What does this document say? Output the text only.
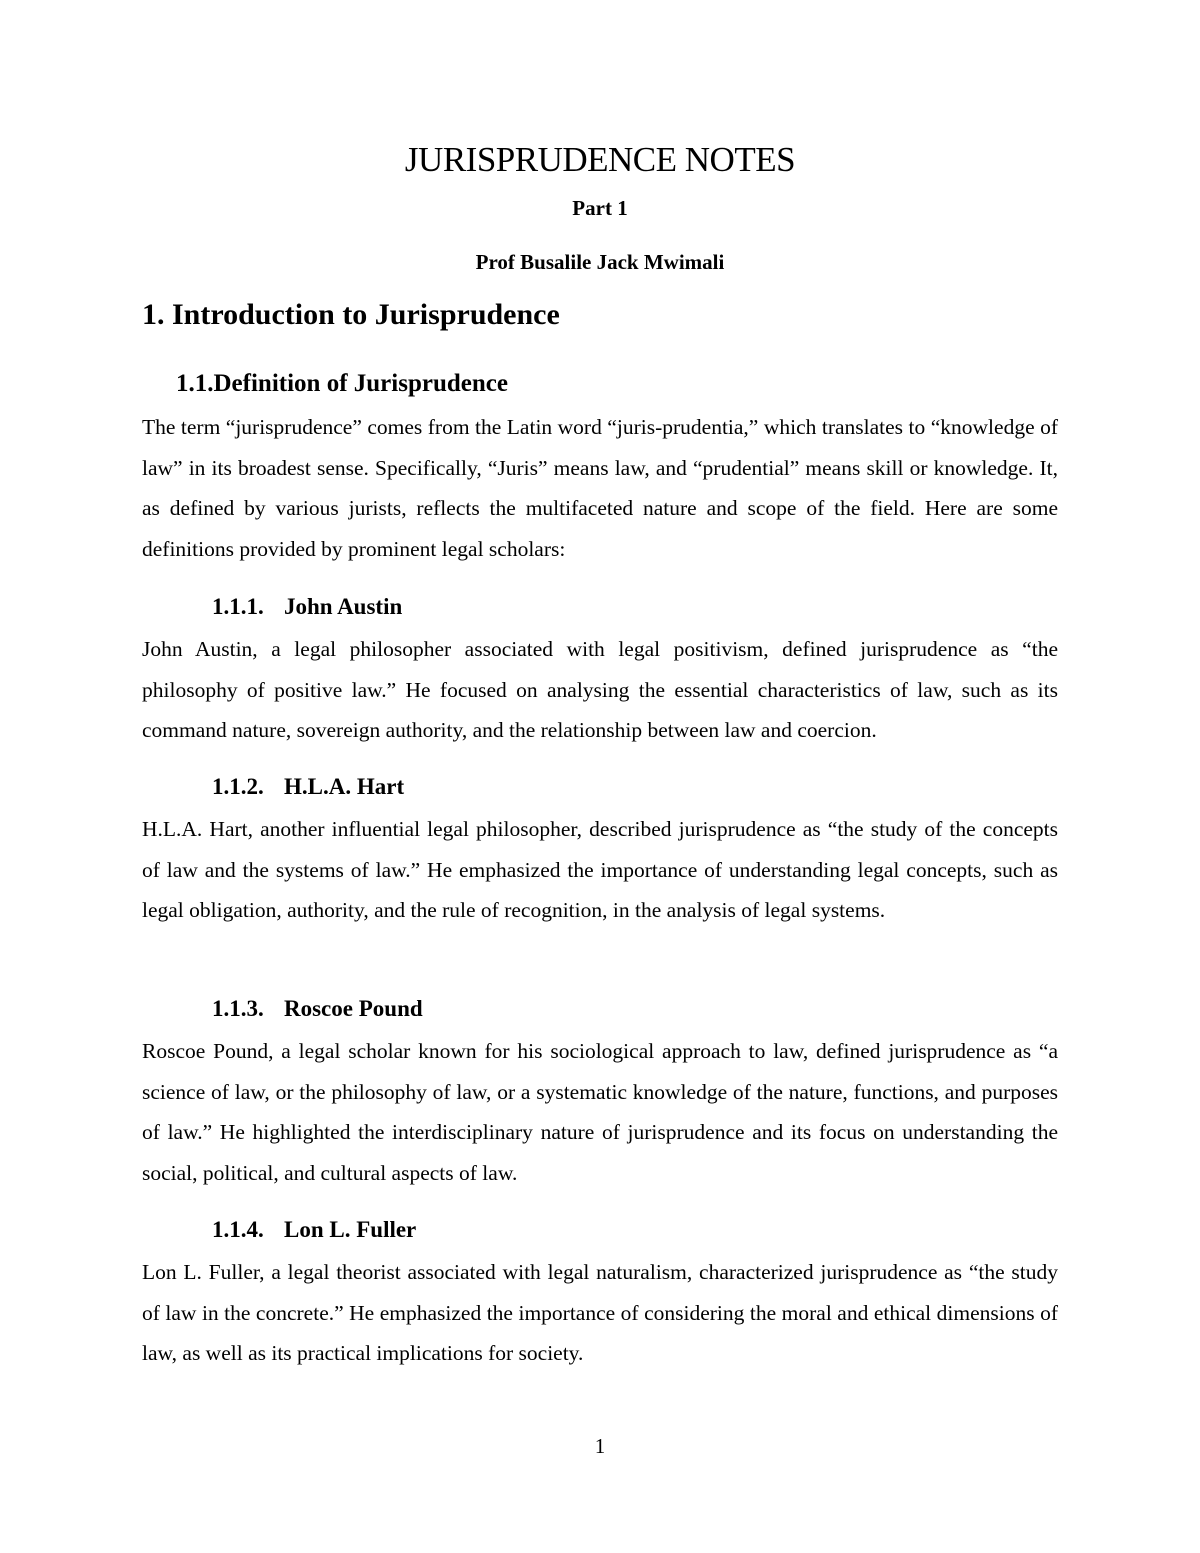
JURISPRUDENCE NOTES

Part 1

Prof Busalile Jack Mwimali

1. Introduction to Jurisprudence
1.1.Definition of Jurisprudence

The term “jurisprudence” comes from the Latin word “juris-prudentia,” which translates to “knowledge of law” in its broadest sense. Specifically, “Juris” means law, and “prudential” means skill or knowledge. It, as defined by various jurists, reflects the multifaceted nature and scope of the field. Here are some definitions provided by prominent legal scholars:

1.1.1. John Austin

John Austin, a legal philosopher associated with legal positivism, defined jurisprudence as “the philosophy of positive law.” He focused on analysing the essential characteristics of law, such as its command nature, sovereign authority, and the relationship between law and coercion.

1.1.2. H.L.A. Hart

H.L.A. Hart, another influential legal philosopher, described jurisprudence as “the study of the concepts of law and the systems of law.” He emphasized the importance of understanding legal concepts, such as legal obligation, authority, and the rule of recognition, in the analysis of legal systems.

1.1.3. Roscoe Pound

Roscoe Pound, a legal scholar known for his sociological approach to law, defined jurisprudence as “a science of law, or the philosophy of law, or a systematic knowledge of the nature, functions, and purposes of law.” He highlighted the interdisciplinary nature of jurisprudence and its focus on understanding the social, political, and cultural aspects of law.

1.1.4. Lon L. Fuller

Lon L. Fuller, a legal theorist associated with legal naturalism, characterized jurisprudence as “the study of law in the concrete.” He emphasized the importance of considering the moral and ethical dimensions of law, as well as its practical implications for society.

1
